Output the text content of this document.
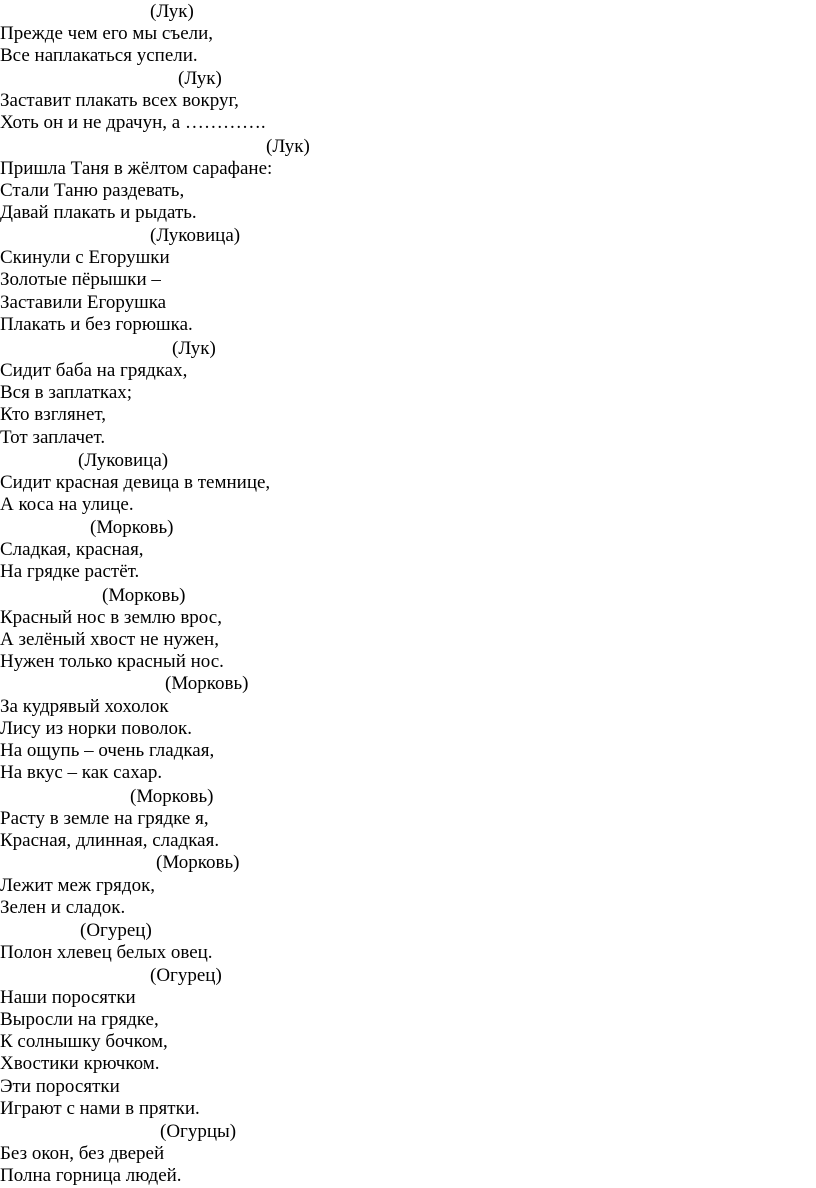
(Лук)
Прежде чем его мы съели,
Все наплакаться успели.
(Лук)
Заставит плакать всех вокруг,
Хоть он и не драчун, а ………….
(Лук)
Пришла Таня в жёлтом сарафане:
Стали Таню раздевать,
Давай плакать и рыдать.
(Луковица)
Скинули с Егорушки
Золотые пёрышки –
Заставили Егорушка
Плакать и без горюшка.
(Лук)
Сидит баба на грядках,
Вся в заплатках;
Кто взглянет,
Тот заплачет.
(Луковица)
Сидит красная девица в темнице,
А коса на улице.
(Морковь)
Сладкая, красная,
На грядке растёт.
(Морковь)
Красный нос в землю врос,
А зелёный хвост не нужен,
Нужен только красный нос.
(Морковь)
За кудрявый хохолок
Лису из норки поволок.
На ощупь – очень гладкая,
На вкус – как сахар.
(Морковь)
Расту в земле на грядке я,
Красная, длинная, сладкая.
(Морковь)
Лежит меж грядок,
Зелен и сладок.
(Огурец)
Полон хлевец белых овец.
(Огурец)
Наши поросятки
Выросли на грядке,
К солнышку бочком,
Хвостики крючком.
Эти поросятки
Играют с нами в прятки.
(Огурцы)
Без окон, без дверей
Полна горница людей.
